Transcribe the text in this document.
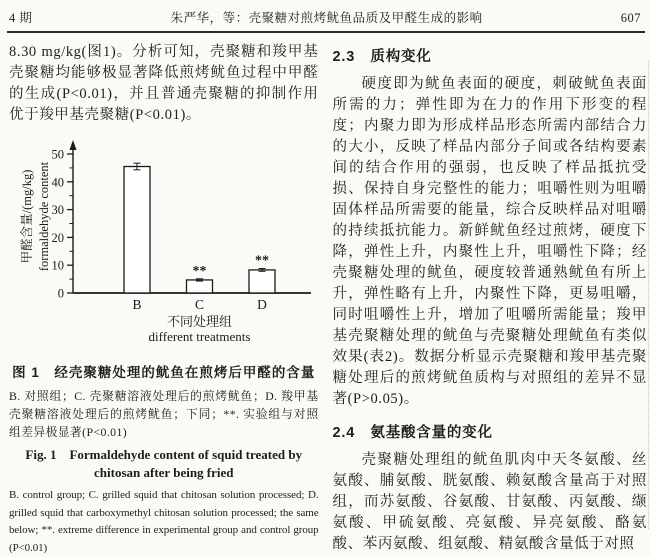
4 期	朱严华，等：壳聚糖对煎烤鱿鱼品质及甲醛生成的影响	607

8.30 mg/kg(图1)。分析可知，壳聚糖和羧甲基壳聚糖均能够极显著降低煎烤鱿鱼过程中甲醛的生成(P<0.01)，并且普通壳聚糖的抑制作用优于羧甲基壳聚糖(P<0.01)。

0
10
20
30
40
50
甲醛含量/(mg/kg) formaldehyde content
B
**
C
**
D
不同处理组
different treatments
图 1　经壳聚糖处理的鱿鱼在煎烤后甲醛的含量

B. 对照组；C. 壳聚糖溶液处理后的煎烤鱿鱼；D. 羧甲基壳聚糖溶液处理后的煎烤鱿鱼；下同；**. 实验组与对照组差异极显著(P<0.01)

Fig. 1　Formaldehyde content of squid treated by chitosan after being fried

B. control group; C. grilled squid that chitosan solution processed; D. grilled squid that carboxymethyl chitosan solution processed; the same below; **. extreme difference in experimental group and control group (P<0.01)

2.3　质构变化

硬度即为鱿鱼表面的硬度，刺破鱿鱼表面所需的力；弹性即为在力的作用下形变的程度；内聚力即为形成样品形态所需内部结合力的大小，反映了样品内部分子间或各结构要素间的结合作用的强弱，也反映了样品抵抗受损、保持自身完整性的能力；咀嚼性则为咀嚼固体样品所需要的能量，综合反映样品对咀嚼的持续抵抗能力。新鲜鱿鱼经过煎烤，硬度下降，弹性上升，内聚性上升，咀嚼性下降；经壳聚糖处理的鱿鱼，硬度较普通熟鱿鱼有所上升，弹性略有上升，内聚性下降，更易咀嚼，同时咀嚼性上升，增加了咀嚼所需能量；羧甲基壳聚糖处理的鱿鱼与壳聚糖处理鱿鱼有类似效果(表2)。数据分析显示壳聚糖和羧甲基壳聚糖处理后的煎烤鱿鱼质构与对照组的差异不显著(P>0.05)。

2.4　氨基酸含量的变化

壳聚糖处理组的鱿鱼肌肉中天冬氨酸、丝氨酸、脯氨酸、胱氨酸、赖氨酸含量高于对照组，而苏氨酸、谷氨酸、甘氨酸、丙氨酸、缬氨酸、甲硫氨酸、亮氨酸、异亮氨酸、酪氨酸、苯丙氨酸、组氨酸、精氨酸含量低于对照
